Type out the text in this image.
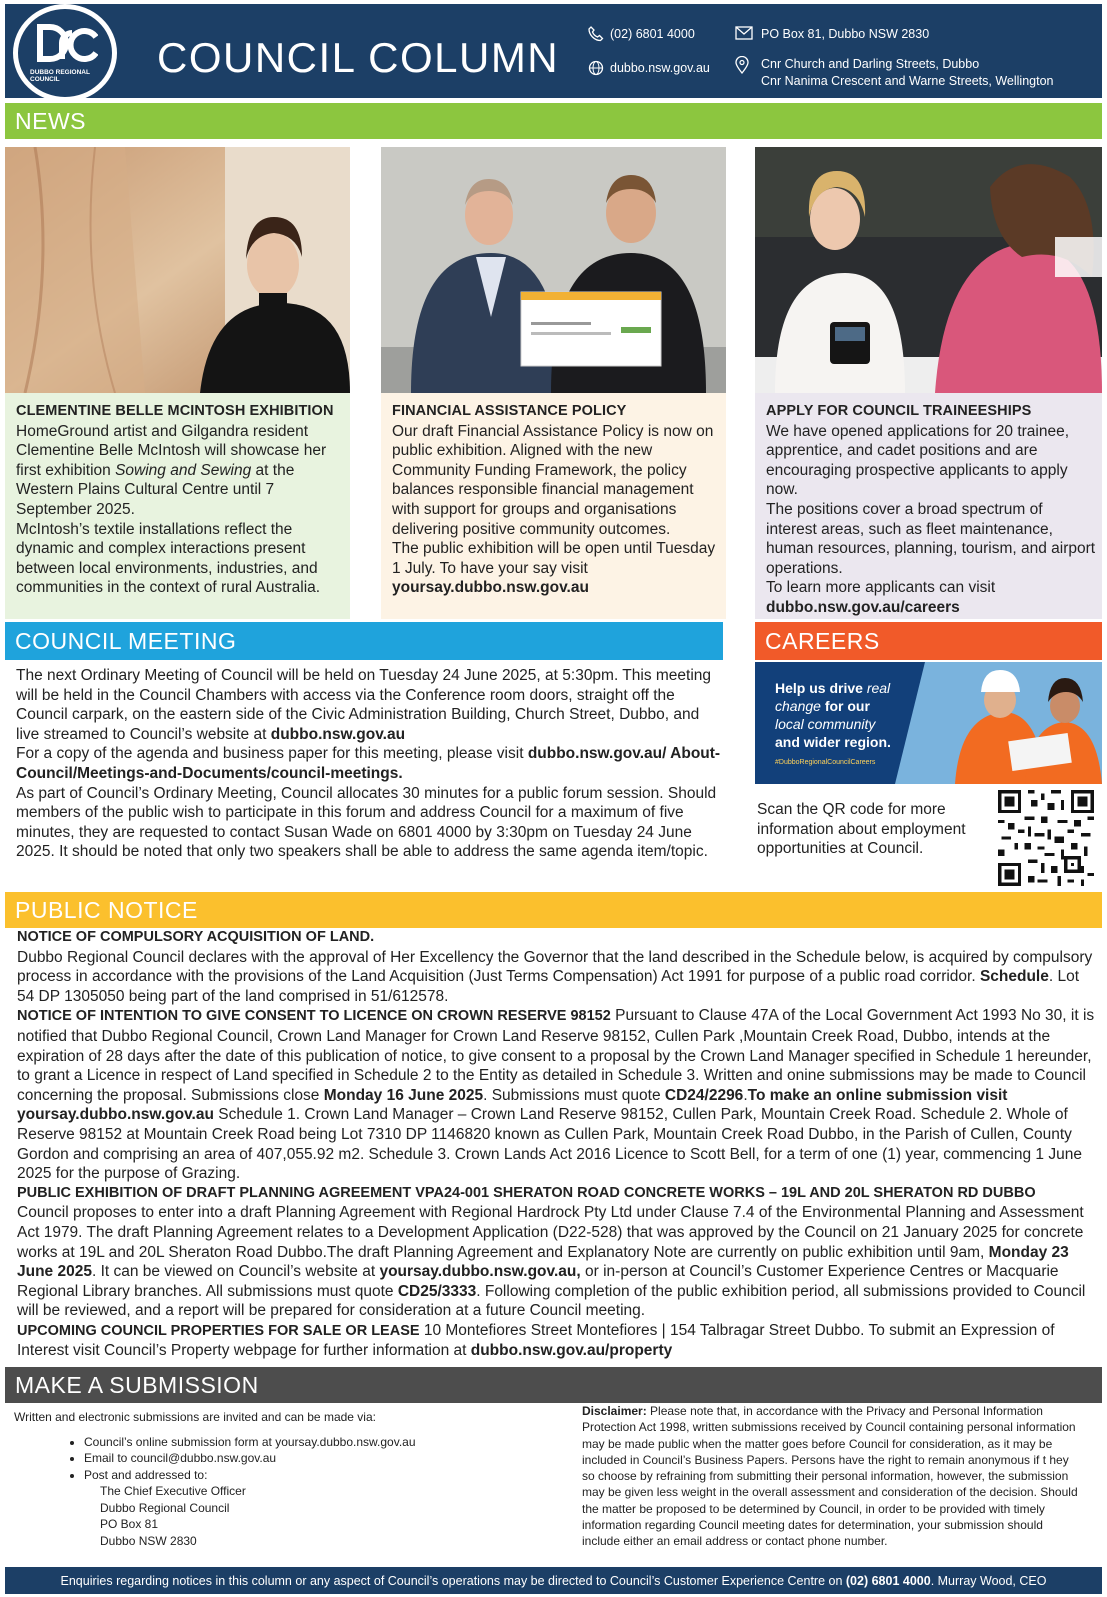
DUBBO REGIONAL COUNCIL	COUNCIL COLUMN	(02) 6801 4000
dubbo.nsw.gov.au
PO Box 81, Dubbo NSW 2830
Cnr Church and Darling Streets, Dubbo
Cnr Nanima Crescent and Warne Streets, Wellington
NEWS

CLEMENTINE BELLE MCINTOSH EXHIBITION

HomeGround artist and Gilgandra resident Clementine Belle McIntosh will showcase her first exhibition Sowing and Sewing at the Western Plains Cultural Centre until 7 September 2025.

McIntosh’s textile installations reflect the dynamic and complex interactions present between local environments, industries, and communities in the context of rural Australia.

FINANCIAL ASSISTANCE POLICY

Our draft Financial Assistance Policy is now on public exhibition. Aligned with the new Community Funding Framework, the policy balances responsible financial management with support for groups and organisations delivering positive community outcomes.

The public exhibition will be open until Tuesday 1 July. To have your say visit

yoursay.dubbo.nsw.gov.au

APPLY FOR COUNCIL TRAINEESHIPS

We have opened applications for 20 trainee, apprentice, and cadet positions and are encouraging prospective applicants to apply now.

The positions cover a broad spectrum of interest areas, such as fleet maintenance, human resources, planning, tourism, and airport operations.

To learn more applicants can visit

dubbo.nsw.gov.au/careers

COUNCIL MEETING

The next Ordinary Meeting of Council will be held on Tuesday 24 June 2025, at 5:30pm. This meeting will be held in the Council Chambers with access via the Conference room doors, straight off the Council carpark, on the eastern side of the Civic Administration Building, Church Street, Dubbo, and live streamed to Council’s website at dubbo.nsw.gov.au

For a copy of the agenda and business paper for this meeting, please visit dubbo.nsw.gov.au/ About-Council/Meetings-and-Documents/council-meetings.

As part of Council’s Ordinary Meeting, Council allocates 30 minutes for a public forum session. Should members of the public wish to participate in this forum and address Council for a maximum of five minutes, they are requested to contact Susan Wade on 6801 4000 by 3:30pm on Tuesday 24 June 2025. It should be noted that only two speakers shall be able to address the same agenda item/topic.

CAREERS
Help us drive real
change for our
local community
and wider region.
#DubboRegionalCouncilCareers
Scan the QR code for more information about employment opportunities at Council.
PUBLIC NOTICE

NOTICE OF COMPULSORY ACQUISITION OF LAND.

Dubbo Regional Council declares with the approval of Her Excellency the Governor that the land described in the Schedule below, is acquired by compulsory process in accordance with the provisions of the Land Acquisition (Just Terms Compensation) Act 1991 for purpose of a public road corridor. Schedule. Lot 54 DP 1305050 being part of the land comprised in 51/612578.

NOTICE OF INTENTION TO GIVE CONSENT TO LICENCE ON CROWN RESERVE 98152 Pursuant to Clause 47A of the Local Government Act 1993 No 30, it is notified that Dubbo Regional Council, Crown Land Manager for Crown Land Reserve 98152, Cullen Park ,Mountain Creek Road, Dubbo, intends at the expiration of 28 days after the date of this publication of notice, to give consent to a proposal by the Crown Land Manager specified in Schedule 1 hereunder, to grant a Licence in respect of Land specified in Schedule 2 to the Entity as detailed in Schedule 3. Written and onine submissions may be made to Council concerning the proposal. Submissions close Monday 16 June 2025. Submissions must quote CD24/2296.To make an online submission visit yoursay.dubbo.nsw.gov.au Schedule 1. Crown Land Manager – Crown Land Reserve 98152, Cullen Park, Mountain Creek Road. Schedule 2. Whole of Reserve 98152 at Mountain Creek Road being Lot 7310 DP 1146820 known as Cullen Park, Mountain Creek Road Dubbo, in the Parish of Cullen, County Gordon and comprising an area of 407,055.92 m2. Schedule 3. Crown Lands Act 2016 Licence to Scott Bell, for a term of one (1) year, commencing 1 June 2025 for the purpose of Grazing.

PUBLIC EXHIBITION OF DRAFT PLANNING AGREEMENT VPA24-001 SHERATON ROAD CONCRETE WORKS – 19L AND 20L SHERATON RD DUBBO

Council proposes to enter into a draft Planning Agreement with Regional Hardrock Pty Ltd under Clause 7.4 of the Environmental Planning and Assessment Act 1979. The draft Planning Agreement relates to a Development Application (D22-528) that was approved by the Council on 21 January 2025 for concrete works at 19L and 20L Sheraton Road Dubbo.The draft Planning Agreement and Explanatory Note are currently on public exhibition until 9am, Monday 23 June 2025. It can be viewed on Council’s website at yoursay.dubbo.nsw.gov.au, or in-person at Council’s Customer Experience Centres or Macquarie Regional Library branches. All submissions must quote CD25/3333. Following completion of the public exhibition period, all submissions provided to Council will be reviewed, and a report will be prepared for consideration at a future Council meeting.

UPCOMING COUNCIL PROPERTIES FOR SALE OR LEASE 10 Montefiores Street Montefiores | 154 Talbragar Street Dubbo. To submit an Expression of Interest visit Council’s Property webpage for further information at dubbo.nsw.gov.au/property

MAKE A SUBMISSION

Written and electronic submissions are invited and can be made via:

• Council’s online submission form at yoursay.dubbo.nsw.gov.au
• Email to council@dubbo.nsw.gov.au
• Post and addressed to:
The Chief Executive Officer
Dubbo Regional Council
PO Box 81
Dubbo NSW 2830
Disclaimer: Please note that, in accordance with the Privacy and Personal Information Protection Act 1998, written submissions received by Council containing personal information may be made public when the matter goes before Council for consideration, as it may be included in Council’s Business Papers. Persons have the right to remain anonymous if t hey so choose by refraining from submitting their personal information, however, the submission may be given less weight in the overall assessment and consideration of the decision. Should the matter be proposed to be determined by Council, in order to be provided with timely information regarding Council meeting dates for determination, your submission should include either an email address or contact phone number.
Enquiries regarding notices in this column or any aspect of Council’s operations may be directed to Council’s Customer Experience Centre on (02) 6801 4000. Murray Wood, CEO
